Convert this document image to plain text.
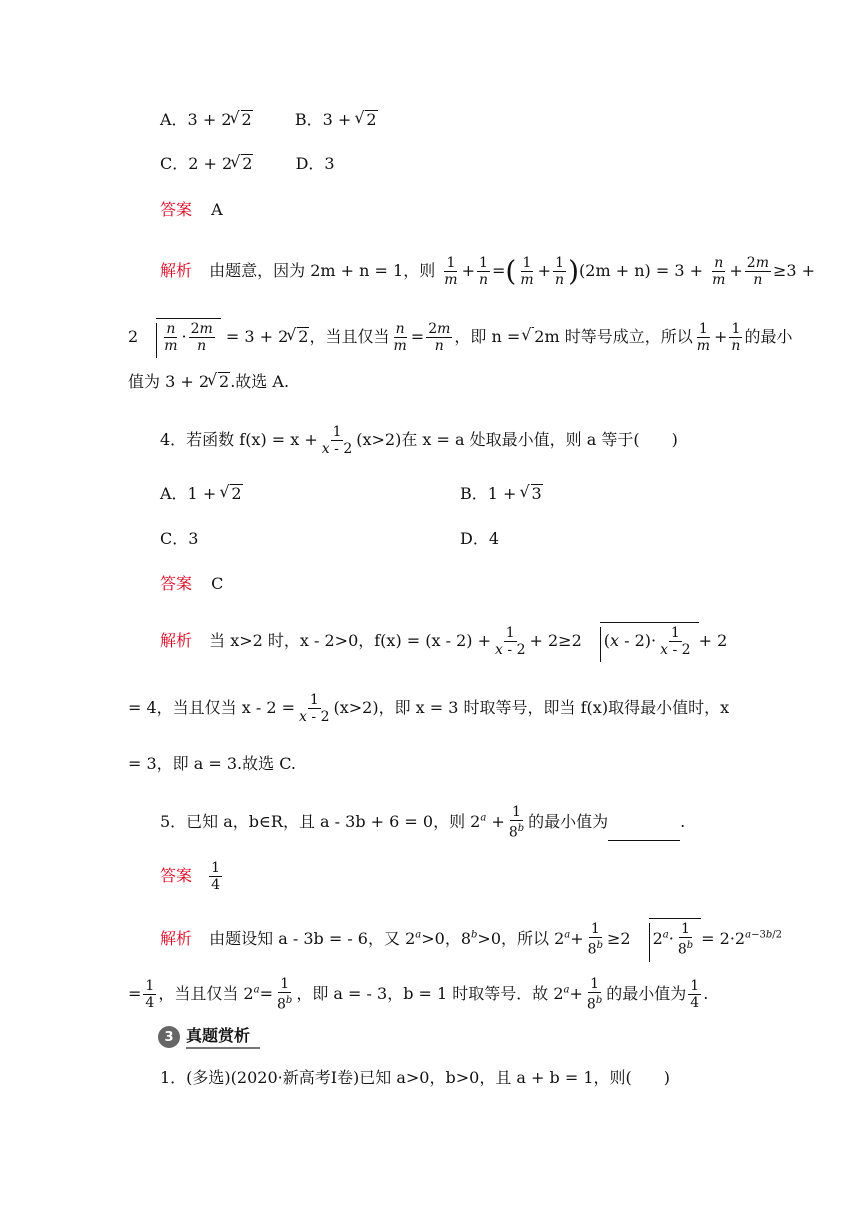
A．3 + 2√ 2	B．3 + √ 2
C．2 + 2√ 2	D．3
答案 A
解析 由题意，因为 2m + n = 1，则 $\frac{1}{m} + \frac{1}{n}$ =( $\frac{1}{m} + \frac{1}{n} )(2m + n) = 3 + \frac{n}{m} + \frac{2m}{n} \ge 3$ +
$2 \frac{n}{m} \cdot \frac{2m}{n} = 3 + 2√$ 2，当且仅当 $\frac{n}{m} = \frac{2m}{n}$ ，即 n =√ 2m 时等号成立，所以 $\frac{1}{m} + \frac{1}{n}$ 的最小
值为 3 + 2√ 2.故选 A.
4．若函数 $f(x) = x + \frac{1}{x - 2} (x>2)$在 x = a 处取最小值，则 a 等于(　　)
A．1 + √ 2	B．1 + √ 3
C．3	D．4
答案 C
解析 当 x>2 时，x - 2>0，$f(x) = (x - 2) + \frac{1}{x - 2} + 2\ge 2$ $(x - 2)\cdot \frac{1}{x - 2} + 2$
= 4，当且仅当 $x - 2 = \frac{1}{x - 2} (x>2)$，即 x = 3 时取等号，即当 f(x)取得最小值时，x
= 3，即 a = 3.故选 C.
5．已知 a，b∈R，且 a - 3b + 6 = 0，则 $2^a + \frac{1}{8^b}$ 的最小值为	.
答案 $\frac{1}{4}$
解析 由题设知 a - 3b = - 6，又 $2^a>0$，$8^b>0$，所以 $2^a+ \frac{1}{8^b} \ge 2$ $2^a\cdot \frac{1}{8^b} = 2\cdot 2^{a-3b/2}$
= $\frac{1}{4}$ ，当且仅当 $2^a= \frac{1}{8^b}$ ，即 a = - 3，b = 1 时取等号．故 $2^a+ \frac{1}{8^b}$ 的最小值为 $\frac{1}{4}$ .
3 真题赏析
1．(多选)(2020·新高考Ⅰ卷)已知 a>0，b>0，且 a + b = 1，则(　　)
